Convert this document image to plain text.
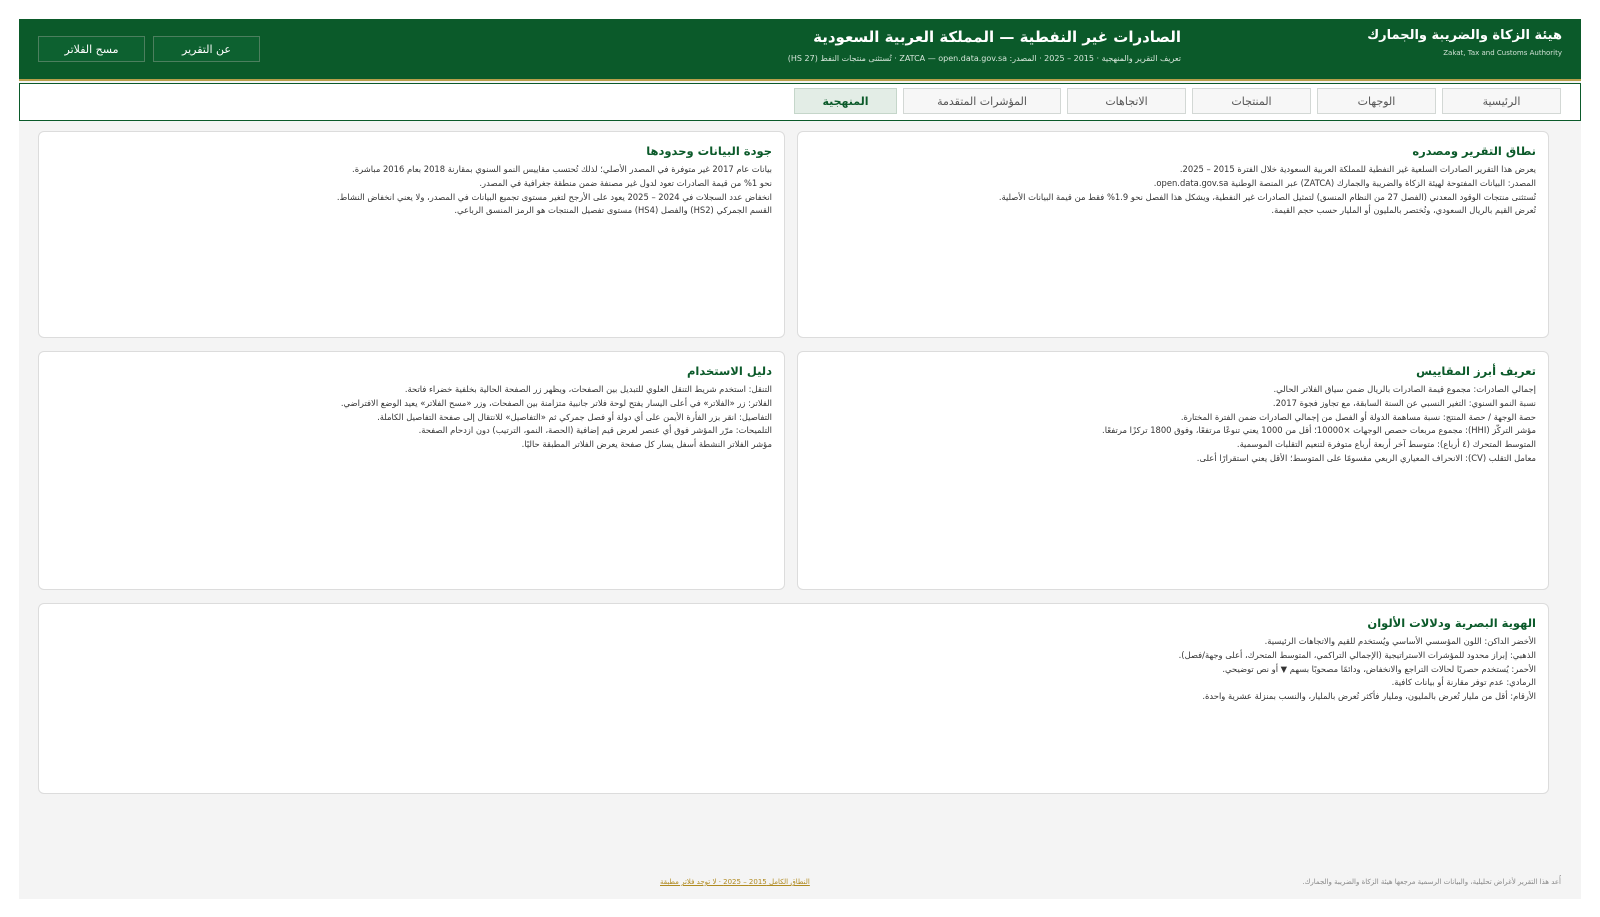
هيئة الزكاة والضريبة والجمارك
Zakat, Tax and Customs Authority
الصادرات غير النفطية — المملكة العربية السعودية
تعريف التقرير والمنهجية · 2015 – 2025 · المصدر: ZATCA — open.data.gov.sa · تُستثنى منتجات النفط (HS 27)
عن التقرير
مسح الفلاتر
الرئيسية
الوجهات
المنتجات
الاتجاهات
المؤشرات المتقدمة
المنهجية
نطاق التقرير ومصدره
يعرض هذا التقرير الصادرات السلعية غير النفطية للمملكة العربية السعودية خلال الفترة 2015 – 2025.
المصدر: البيانات المفتوحة لهيئة الزكاة والضريبة والجمارك (ZATCA) عبر المنصة الوطنية open.data.gov.sa.
تُستثنى منتجات الوقود المعدني (الفصل 27 من النظام المنسق) لتمثيل الصادرات غير النفطية، ويشكل هذا الفصل نحو 1.9% فقط من قيمة البيانات الأصلية.
تُعرض القيم بالريال السعودي، وتُختصر بالمليون أو المليار حسب حجم القيمة.
جودة البيانات وحدودها
بيانات عام 2017 غير متوفرة في المصدر الأصلي؛ لذلك تُحتسب مقاييس النمو السنوي بمقارنة 2018 بعام 2016 مباشرة.
نحو 1% من قيمة الصادرات تعود لدول غير مصنفة ضمن منطقة جغرافية في المصدر.
انخفاض عدد السجلات في 2024 – 2025 يعود على الأرجح لتغير مستوى تجميع البيانات في المصدر، ولا يعني انخفاض النشاط.
القسم الجمركي (HS2) والفصل (HS4) مستوى تفصيل المنتجات هو الرمز المنسق الرباعي.
تعريف أبرز المقاييس
إجمالي الصادرات: مجموع قيمة الصادرات بالريال ضمن سياق الفلاتر الحالي.
نسبة النمو السنوي: التغير النسبي عن السنة السابقة، مع تجاوز فجوة 2017.
حصة الوجهة / حصة المنتج: نسبة مساهمة الدولة أو الفصل من إجمالي الصادرات ضمن الفترة المختارة.
مؤشر التركّز (HHI): مجموع مربعات حصص الوجهات ×10000؛ أقل من 1000 يعني تنوعًا مرتفعًا، وفوق 1800 تركزًا مرتفعًا.
المتوسط المتحرك (٤ أرباع): متوسط آخر أربعة أرباع متوفرة لتنعيم التقلبات الموسمية.
معامل التقلب (CV): الانحراف المعياري الربعي مقسومًا على المتوسط؛ الأقل يعني استقرارًا أعلى.
دليل الاستخدام
التنقل: استخدم شريط التنقل العلوي للتبديل بين الصفحات، ويظهر زر الصفحة الحالية بخلفية خضراء فاتحة.
الفلاتر: زر «الفلاتر» في أعلى اليسار يفتح لوحة فلاتر جانبية متزامنة بين الصفحات، وزر «مسح الفلاتر» يعيد الوضع الافتراضي.
التفاصيل: انقر بزر الفأرة الأيمن على أي دولة أو فصل جمركي ثم «التفاصيل» للانتقال إلى صفحة التفاصيل الكاملة.
التلميحات: مرّر المؤشر فوق أي عنصر لعرض قيم إضافية (الحصة، النمو، الترتيب) دون ازدحام الصفحة.
مؤشر الفلاتر النشطة أسفل يسار كل صفحة يعرض الفلاتر المطبقة حاليًا.
الهوية البصرية ودلالات الألوان
الأخضر الداكن: اللون المؤسسي الأساسي ويُستخدم للقيم والاتجاهات الرئيسية.
الذهبي: إبراز محدود للمؤشرات الاستراتيجية (الإجمالي التراكمي، المتوسط المتحرك، أعلى وجهة/فصل).
الأحمر: يُستخدم حصريًا لحالات التراجع والانخفاض، ودائمًا مصحوبًا بسهم ▼ أو نص توضيحي.
الرمادي: عدم توفر مقارنة أو بيانات كافية.
الأرقام: أقل من مليار تُعرض بالمليون، ومليار فأكثر تُعرض بالمليار، والنسب بمنزلة عشرية واحدة.
النطاق الكامل 2015 – 2025 · لا توجد فلاتر مطبقة	أُعد هذا التقرير لأغراض تحليلية، والبيانات الرسمية مرجعها هيئة الزكاة والضريبة والجمارك.
